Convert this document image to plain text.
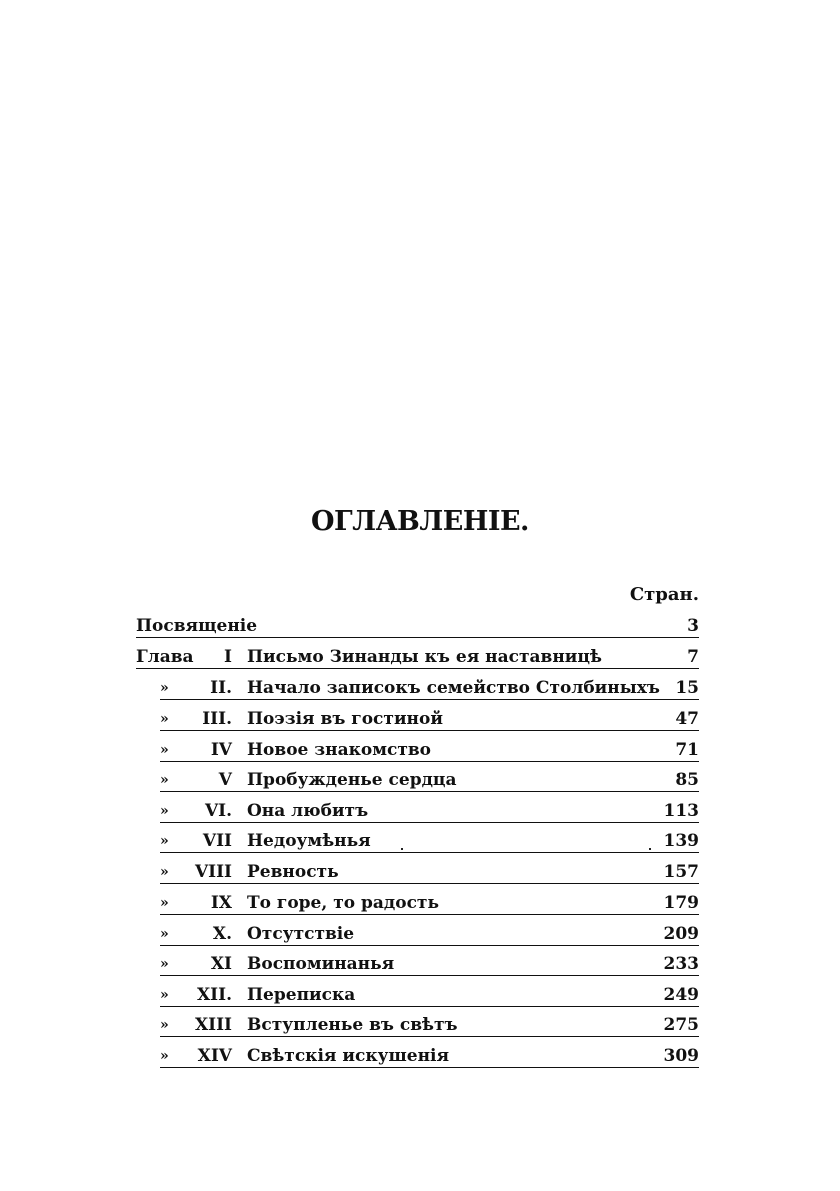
ОГЛАВЛЕНIЕ.
Стран.
Посвященiе	3
Глава I Письмо Зинанды къ ея наставницѣ	7
» II. Начало записокъ семейство Столбиныхъ 15
» III. Поэзiя въ гостиной	47
» IV Новое знакомство	71
»	V Пробужденье сердца	85
» VI. Она любитъ	113
» VII Недоумѣнья	139
» VIII Ревность	157
» IX То горе, то радость	179
»	X. Отсутствiе	209
» XI Воспоминанья	233
» XII. Переписка	249
» XIII Вступленье въ свѣтъ	275
» XIV Свѣтскiя искушенiя	309
